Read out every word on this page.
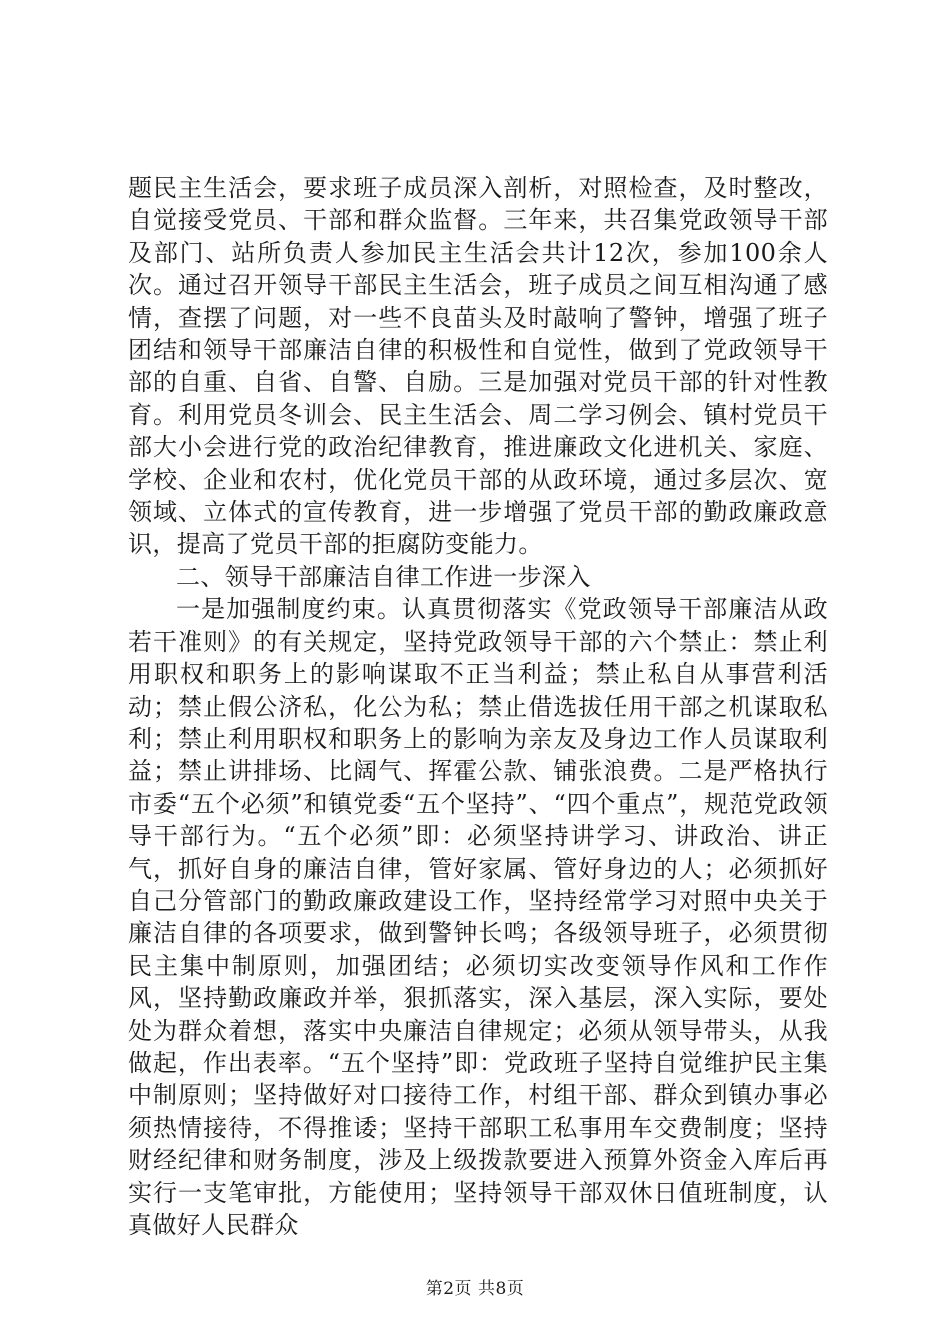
题民主生活会，要求班子成员深入剖析，对照检查，及时整改，自觉接受党员、干部和群众监督。三年来，共召集党政领导干部及部门、站所负责人参加民主生活会共计12次，参加100余人次。通过召开领导干部民主生活会，班子成员之间互相沟通了感情，查摆了问题，对一些不良苗头及时敲响了警钟，增强了班子团结和领导干部廉洁自律的积极性和自觉性，做到了党政领导干部的自重、自省、自警、自励。三是加强对党员干部的针对性教育。利用党员冬训会、民主生活会、周二学习例会、镇村党员干部大小会进行党的政治纪律教育，推进廉政文化进机关、家庭、学校、企业和农村，优化党员干部的从政环境，通过多层次、宽领域、立体式的宣传教育，进一步增强了党员干部的勤政廉政意识，提高了党员干部的拒腐防变能力。

二、领导干部廉洁自律工作进一步深入

一是加强制度约束。认真贯彻落实《党政领导干部廉洁从政若干准则》的有关规定，坚持党政领导干部的六个禁止：禁止利用职权和职务上的影响谋取不正当利益；禁止私自从事营利活动；禁止假公济私，化公为私；禁止借选拔任用干部之机谋取私利；禁止利用职权和职务上的影响为亲友及身边工作人员谋取利益；禁止讲排场、比阔气、挥霍公款、铺张浪费。二是严格执行市委“五个必须”和镇党委“五个坚持”、“四个重点”，规范党政领导干部行为。“五个必须”即：必须坚持讲学习、讲政治、讲正气，抓好自身的廉洁自律，管好家属、管好身边的人；必须抓好自己分管部门的勤政廉政建设工作，坚持经常学习对照中央关于廉洁自律的各项要求，做到警钟长鸣；各级领导班子，必须贯彻民主集中制原则，加强团结；必须切实改变领导作风和工作作风，坚持勤政廉政并举，狠抓落实，深入基层，深入实际，要处处为群众着想，落实中央廉洁自律规定；必须从领导带头，从我做起，作出表率。“五个坚持”即：党政班子坚持自觉维护民主集中制原则；坚持做好对口接待工作，村组干部、群众到镇办事必须热情接待，不得推诿；坚持干部职工私事用车交费制度；坚持财经纪律和财务制度，涉及上级拨款要进入预算外资金入库后再实行一支笔审批，方能使用；坚持领导干部双休日值班制度，认真做好人民群众

第2页 共8页
